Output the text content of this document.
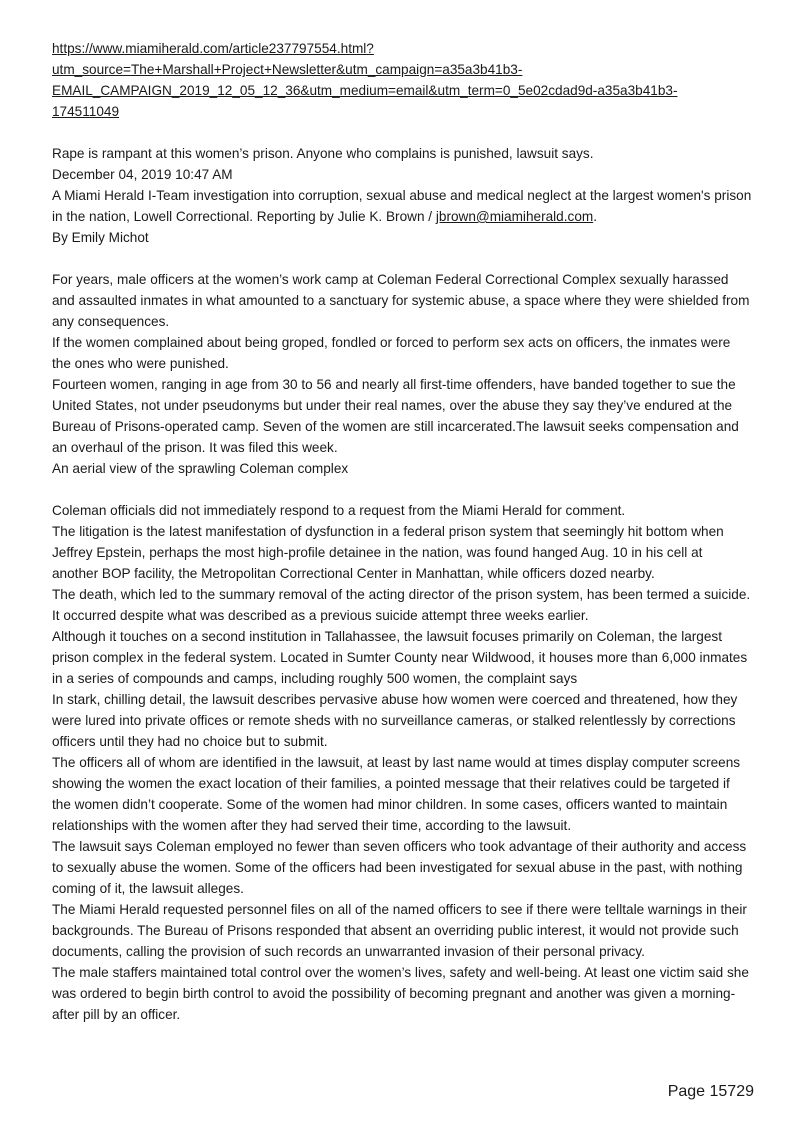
https://www.miamiherald.com/article237797554.html?
utm_source=The+Marshall+Project+Newsletter&utm_campaign=a35a3b41b3-
EMAIL_CAMPAIGN_2019_12_05_12_36&utm_medium=email&utm_term=0_5e02cdad9d-a35a3b41b3-
174511049

Rape is rampant at this women’s prison. Anyone who complains is punished, lawsuit says.

December 04, 2019 10:47 AM

A Miami Herald I-Team investigation into corruption, sexual abuse and medical neglect at the largest women's prison in the nation, Lowell Correctional. Reporting by Julie K. Brown / jbrown@miamiherald.com.

By Emily Michot

For years, male officers at the women’s work camp at Coleman Federal Correctional Complex sexually harassed and assaulted inmates in what amounted to a sanctuary for systemic abuse, a space where they were shielded from any consequences.

If the women complained about being groped, fondled or forced to perform sex acts on officers, the inmates were the ones who were punished.

Fourteen women, ranging in age from 30 to 56 and nearly all first-time offenders, have banded together to sue the United States, not under pseudonyms but under their real names, over the abuse they say they’ve endured at the Bureau of Prisons-operated camp. Seven of the women are still incarcerated.The lawsuit seeks compensation and an overhaul of the prison. It was filed this week.

An aerial view of the sprawling Coleman complex

Coleman officials did not immediately respond to a request from the Miami Herald for comment.

The litigation is the latest manifestation of dysfunction in a federal prison system that seemingly hit bottom when Jeffrey Epstein, perhaps the most high-profile detainee in the nation, was found hanged Aug. 10 in his cell at another BOP facility, the Metropolitan Correctional Center in Manhattan, while officers dozed nearby.

The death, which led to the summary removal of the acting director of the prison system, has been termed a suicide. It occurred despite what was described as a previous suicide attempt three weeks earlier.

Although it touches on a second institution in Tallahassee, the lawsuit focuses primarily on Coleman, the largest prison complex in the federal system. Located in Sumter County near Wildwood, it houses more than 6,000 inmates in a series of compounds and camps, including roughly 500 women, the complaint says

In stark, chilling detail, the lawsuit describes pervasive abuse how women were coerced and threatened, how they were lured into private offices or remote sheds with no surveillance cameras, or stalked relentlessly by corrections officers until they had no choice but to submit.

The officers all of whom are identified in the lawsuit, at least by last name would at times display computer screens showing the women the exact location of their families, a pointed message that their relatives could be targeted if the women didn’t cooperate. Some of the women had minor children. In some cases, officers wanted to maintain relationships with the women after they had served their time, according to the lawsuit.

The lawsuit says Coleman employed no fewer than seven officers who took advantage of their authority and access to sexually abuse the women. Some of the officers had been investigated for sexual abuse in the past, with nothing coming of it, the lawsuit alleges.

The Miami Herald requested personnel files on all of the named officers to see if there were telltale warnings in their backgrounds. The Bureau of Prisons responded that absent an overriding public interest, it would not provide such documents, calling the provision of such records an unwarranted invasion of their personal privacy.

The male staffers maintained total control over the women’s lives, safety and well-being. At least one victim said she was ordered to begin birth control to avoid the possibility of becoming pregnant and another was given a morning-after pill by an officer.

Page 15729
